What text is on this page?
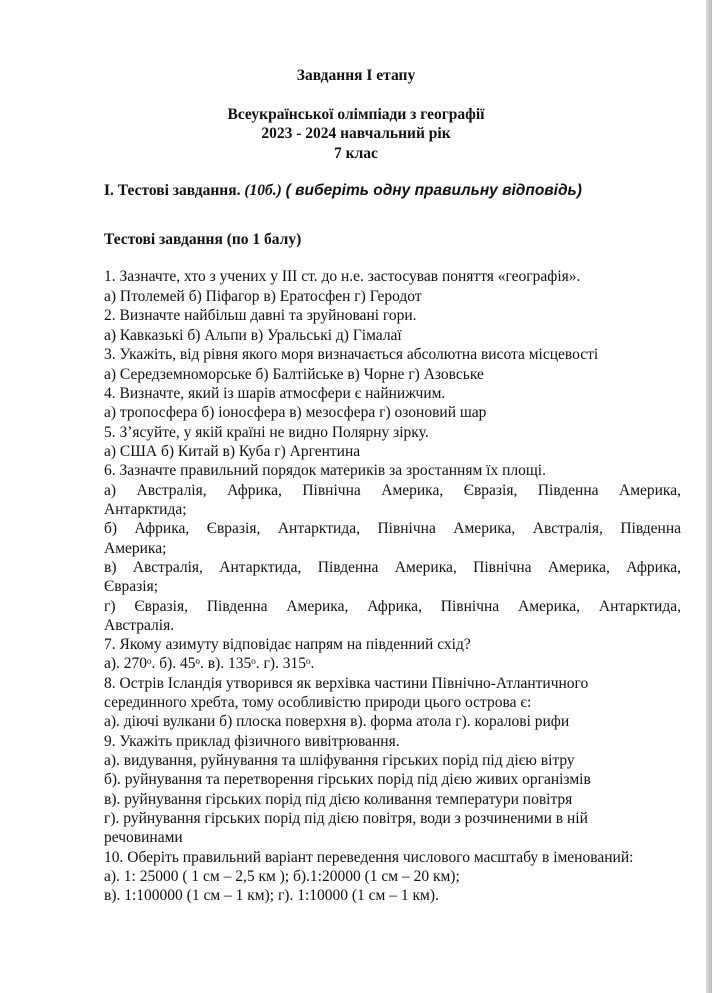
Завдання І етапу
Всеукраїнської олімпіади з географії
2023 - 2024 навчальний рік
7 клас
І. Тестові завдання. (10б.) ( виберіть одну правильну відповідь)
Тестові завдання (по 1 балу)
1. Зазначте, хто з учених у ІІІ ст. до н.е. застосував поняття «географія».
а) Птолемей б) Піфагор в) Ератосфен г) Геродот
2. Визначте найбільш давні та зруйновані гори.
а) Кавказькі б) Альпи в) Уральські д) Гімалаї
3. Укажіть, від рівня якого моря визначається абсолютна висота місцевості
а) Середземноморське б) Балтійське в) Чорне г) Азовське
4. Визначте, який із шарів атмосфери є найнижчим.
а) тропосфера б) іоносфера в) мезосфера г) озоновий шар
5. З’ясуйте, у якій країні не видно Полярну зірку.
а) США б) Китай в) Куба г) Аргентина
6. Зазначте правильний порядок материків за зростанням їх площі.
а) Австралія, Африка, Північна Америка, Євразія, Південна Америка,
Антарктида;
б) Африка, Євразія, Антарктида, Північна Америка, Австралія, Південна
Америка;
в) Австралія, Антарктида, Південна Америка, Північна Америка, Африка,
Євразія;
г) Євразія, Південна Америка, Африка, Північна Америка, Антарктида,
Австралія.
7. Якому азимуту відповідає напрям на південний схід?
а). 270ᵒ. б). 45ᵒ. в). 135ᵒ. г). 315ᵒ.
8. Острів Ісландія утворився як верхівка частини Північно-Атлантичного
серединного хребта, тому особливістю природи цього острова є:
а). діючі вулкани б) плоска поверхня в). форма атола г). коралові рифи
9. Укажіть приклад фізичного вивітрювання.
а). видування, руйнування та шліфування гірських порід під дією вітру
б). руйнування та перетворення гірських порід під дією живих організмів
в). руйнування гірських порід під дією коливання температури повітря
г). руйнування гірських порід під дією повітря, води з розчиненими в ній
речовинами
10. Оберіть правильний варіант переведення числового масштабу в іменований:
а). 1: 25000 ( 1 см – 2,5 км ); б).1:20000 (1 см – 20 км);
в). 1:100000 (1 см – 1 км); г). 1:10000 (1 см – 1 км).
